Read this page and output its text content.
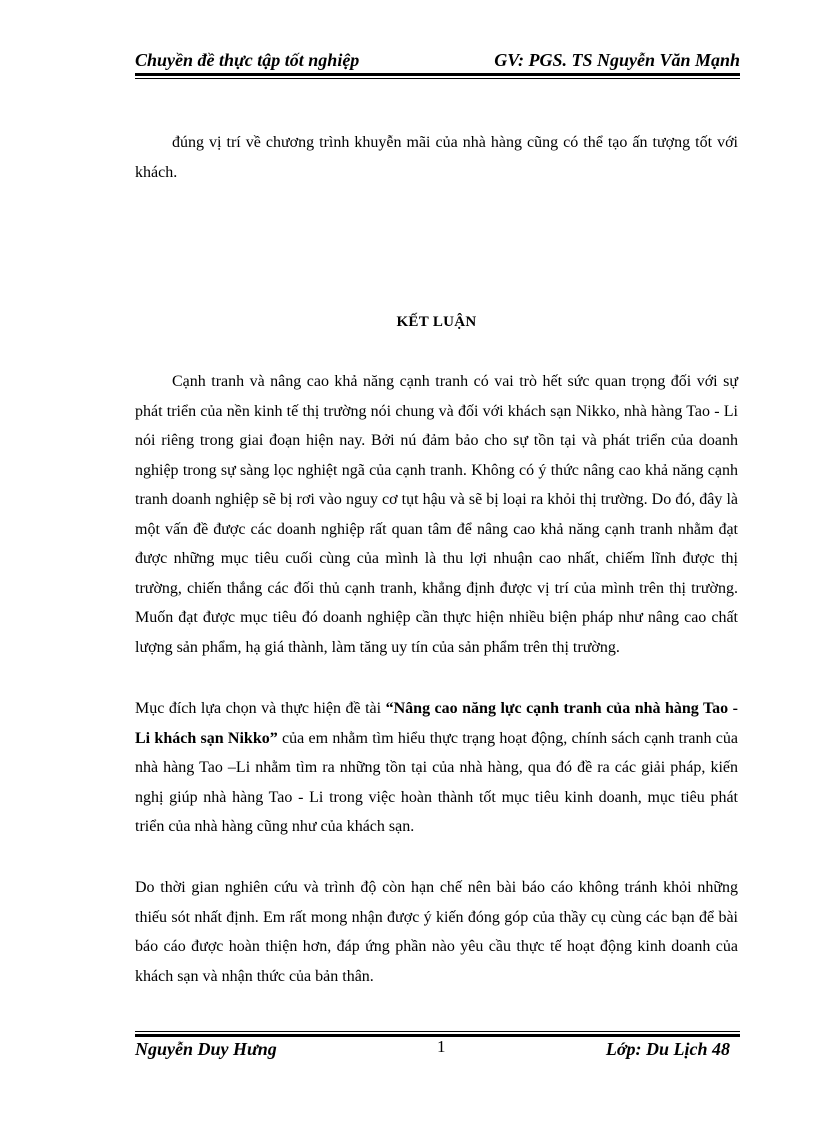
Chuyền đề thực tập tốt nghiệp	GV: PGS. TS Nguyễn Văn Mạnh

đúng vị trí về chương trình khuyễn mãi của nhà hàng cũng có thể tạo ấn tượng tốt với khách.

KẾT LUẬN

Cạnh tranh và nâng cao khả năng cạnh tranh có vai trò hết sức quan trọng đối với sự phát triển của nền kinh tế thị trường nói chung và đối với khách sạn Nikko, nhà hàng Tao - Li nói riêng trong giai đoạn hiện nay. Bởi nú đảm bảo cho sự tồn tại và phát triển của doanh nghiệp trong sự sàng lọc nghiệt ngã của cạnh tranh. Không có ý thức nâng cao khả năng cạnh tranh doanh nghiệp sẽ bị rơi vào nguy cơ tụt hậu và sẽ bị loại ra khỏi thị trường. Do đó, đây là một vấn đề được các doanh nghiệp rất quan tâm để nâng cao khả năng cạnh tranh nhằm đạt được những mục tiêu cuối cùng của mình là thu lợi nhuận cao nhất, chiếm lĩnh được thị trường, chiến thắng các đối thủ cạnh tranh, khẳng định được vị trí của mình trên thị trường. Muốn đạt được mục tiêu đó doanh nghiệp cần thực hiện nhiều biện pháp như nâng cao chất lượng sản phẩm, hạ giá thành, làm tăng uy tín của sản phẩm trên thị trường.

Mục đích lựa chọn và thực hiện đề tài “Nâng cao năng lực cạnh tranh của nhà hàng Tao - Li khách sạn Nikko” của em nhằm tìm hiểu thực trạng hoạt động, chính sách cạnh tranh của nhà hàng Tao –Li nhằm tìm ra những tồn tại của nhà hàng, qua đó đề ra các giải pháp, kiến nghị giúp nhà hàng Tao - Li trong việc hoàn thành tốt mục tiêu kinh doanh, mục tiêu phát triển của nhà hàng cũng như của khách sạn.

Do thời gian nghiên cứu và trình độ còn hạn chế nên bài báo cáo không tránh khỏi những thiếu sót nhất định. Em rất mong nhận được ý kiến đóng góp của thầy cụ cùng các bạn để bài báo cáo được hoàn thiện hơn, đáp ứng phần nào yêu cầu thực tế hoạt động kinh doanh của khách sạn và nhận thức của bản thân.

Nguyễn Duy Hưng	1	Lớp: Du Lịch 48
